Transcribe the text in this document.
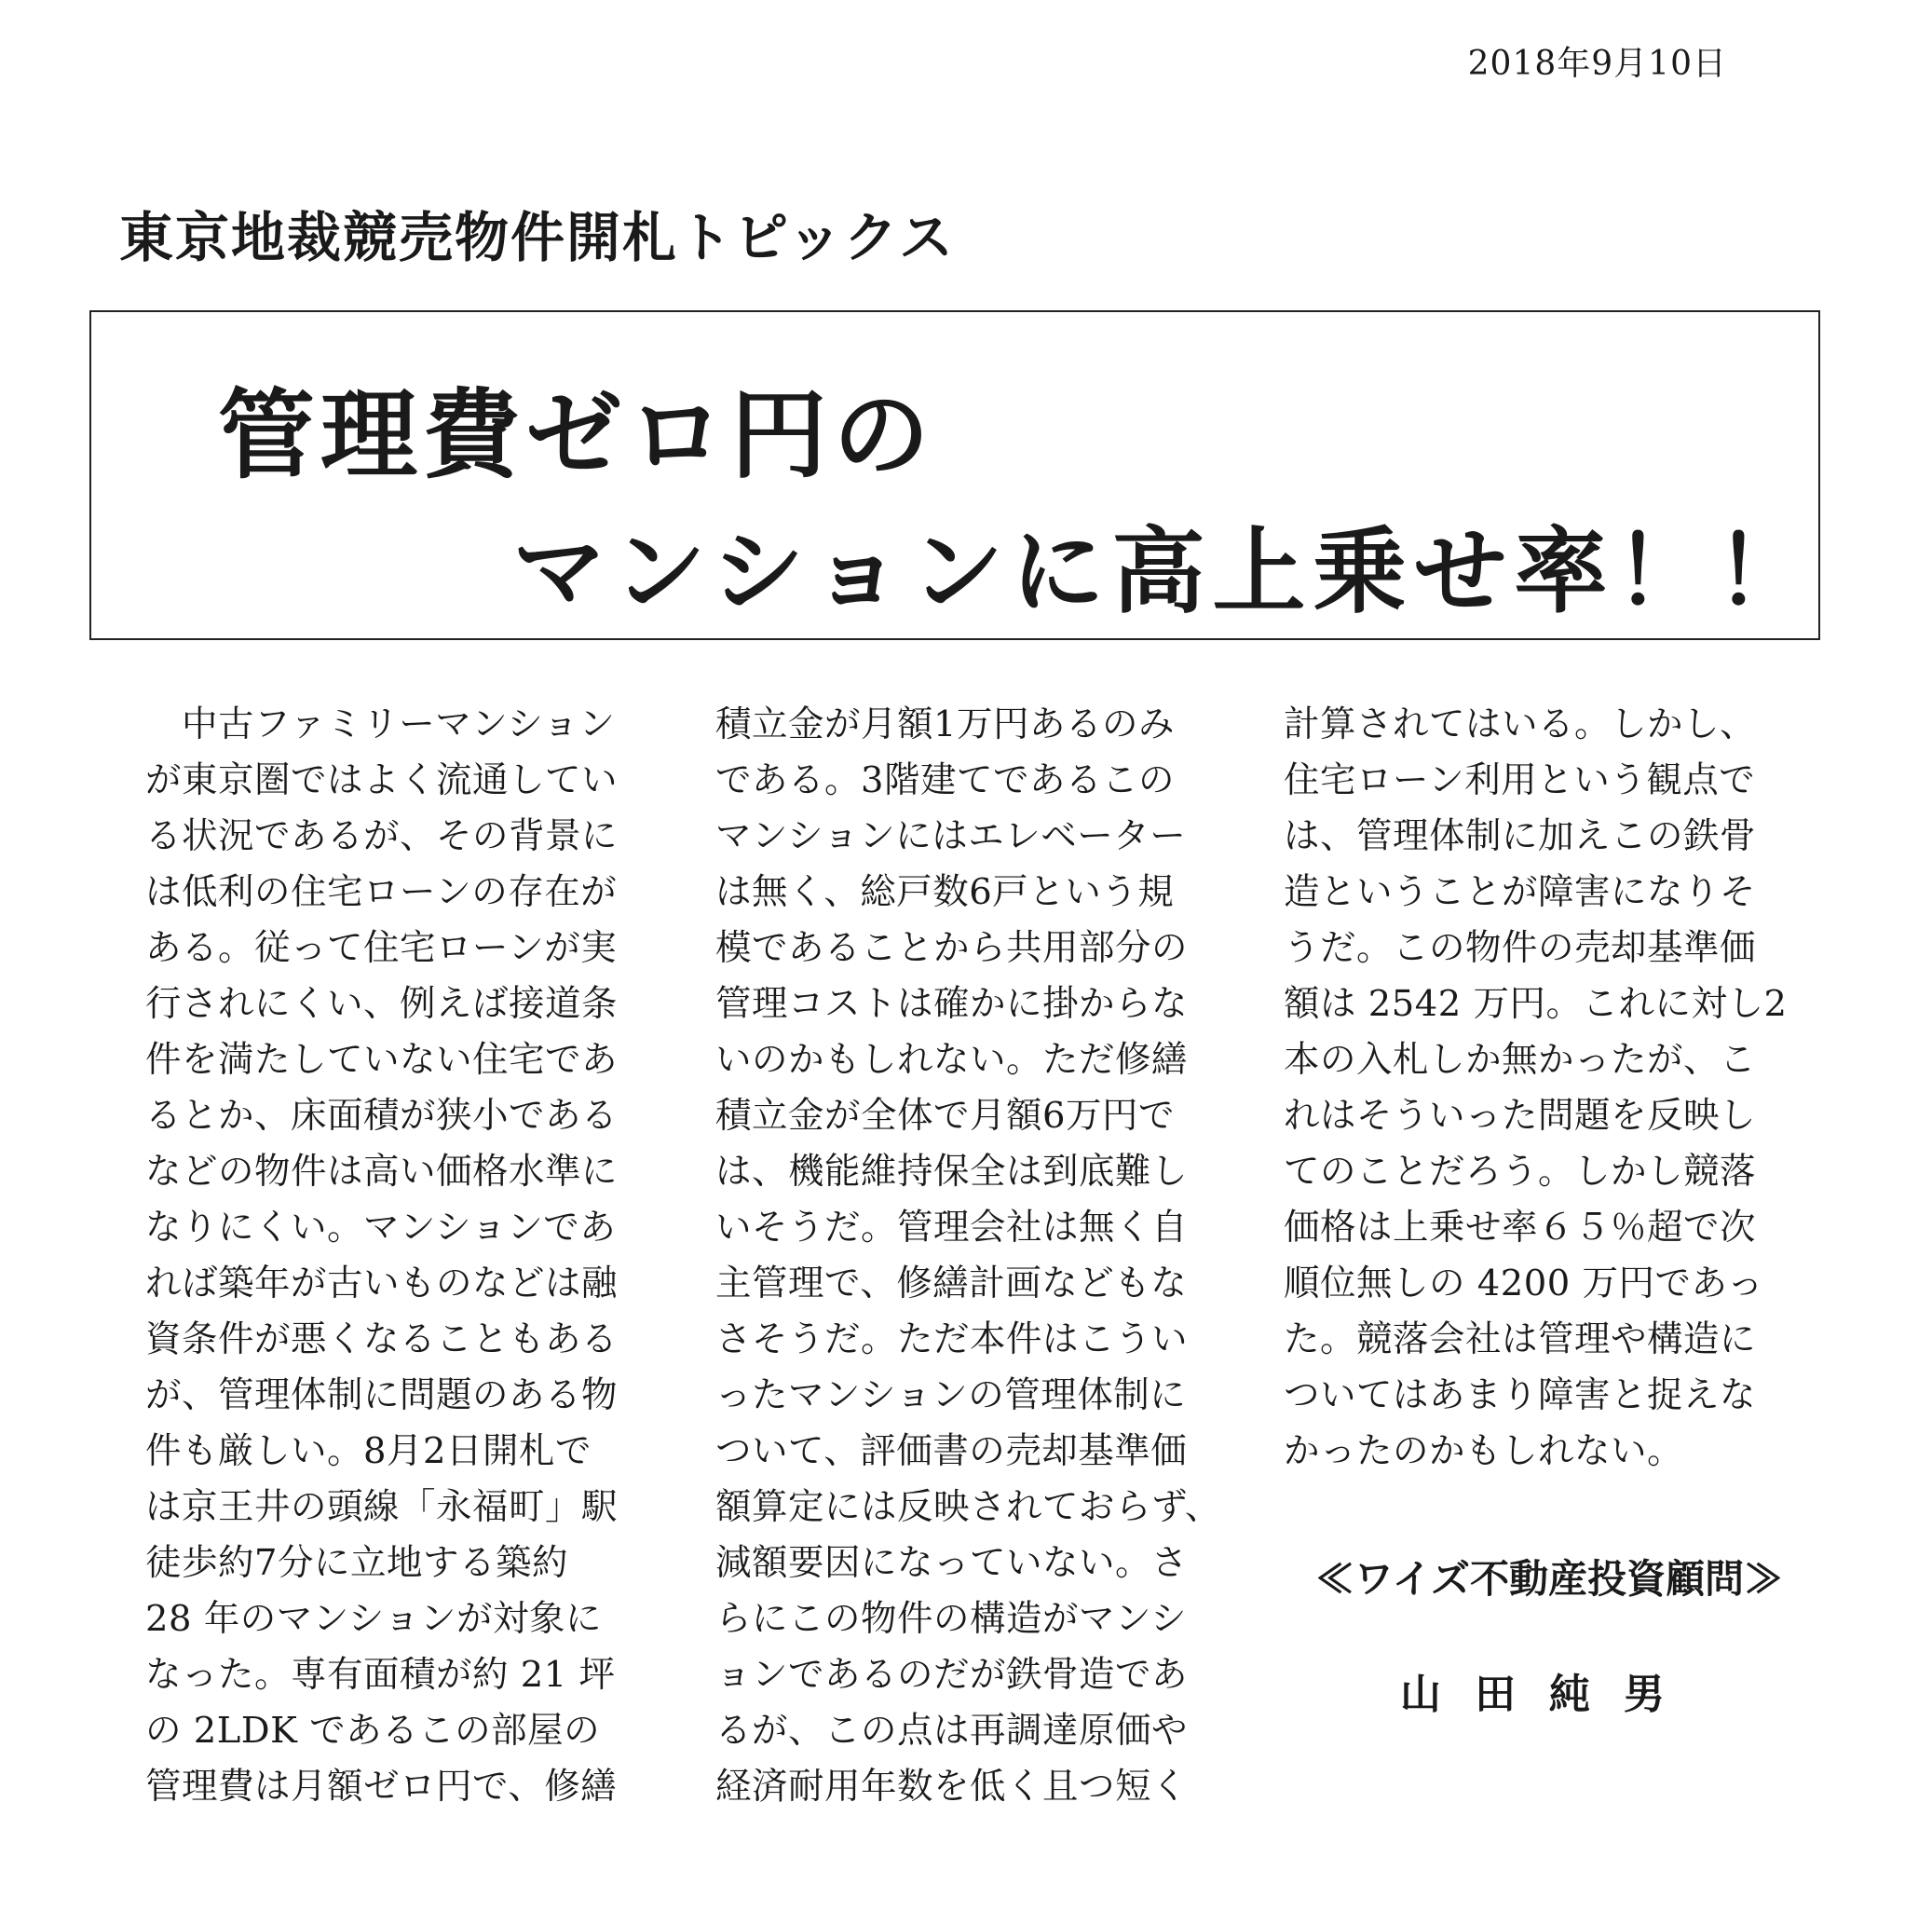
2018年9月10日
東京地裁競売物件開札トピックス
管理費ゼロ円の
マンションに高上乗せ率！！
　中古ファミリーマンション
が東京圏ではよく流通してい
る状況であるが、その背景に
は低利の住宅ローンの存在が
ある。従って住宅ローンが実
行されにくい、例えば接道条
件を満たしていない住宅であ
るとか、床面積が狭小である
などの物件は高い価格水準に
なりにくい。マンションであ
れば築年が古いものなどは融
資条件が悪くなることもある
が、管理体制に問題のある物
件も厳しい。8月2日開札で
は京王井の頭線「永福町」駅
徒歩約7分に立地する築約
28 年のマンションが対象に
なった。専有面積が約 21 坪
の 2LDK であるこの部屋の
管理費は月額ゼロ円で、修繕
積立金が月額1万円あるのみ
である。3階建てであるこの
マンションにはエレベーター
は無く、総戸数6戸という規
模であることから共用部分の
管理コストは確かに掛からな
いのかもしれない。ただ修繕
積立金が全体で月額6万円で
は、機能維持保全は到底難し
いそうだ。管理会社は無く自
主管理で、修繕計画などもな
さそうだ。ただ本件はこうい
ったマンションの管理体制に
ついて、評価書の売却基準価
額算定には反映されておらず、
減額要因になっていない。さ
らにこの物件の構造がマンシ
ョンであるのだが鉄骨造であ
るが、この点は再調達原価や
経済耐用年数を低く且つ短く
計算されてはいる。しかし、
住宅ローン利用という観点で
は、管理体制に加えこの鉄骨
造ということが障害になりそ
うだ。この物件の売却基準価
額は 2542 万円。これに対し2
本の入札しか無かったが、こ
れはそういった問題を反映し
てのことだろう。しかし競落
価格は上乗せ率６５％超で次
順位無しの 4200 万円であっ
た。競落会社は管理や構造に
ついてはあまり障害と捉えな
かったのかもしれない。
≪ワイズ不動産投資顧問≫
山田純男
